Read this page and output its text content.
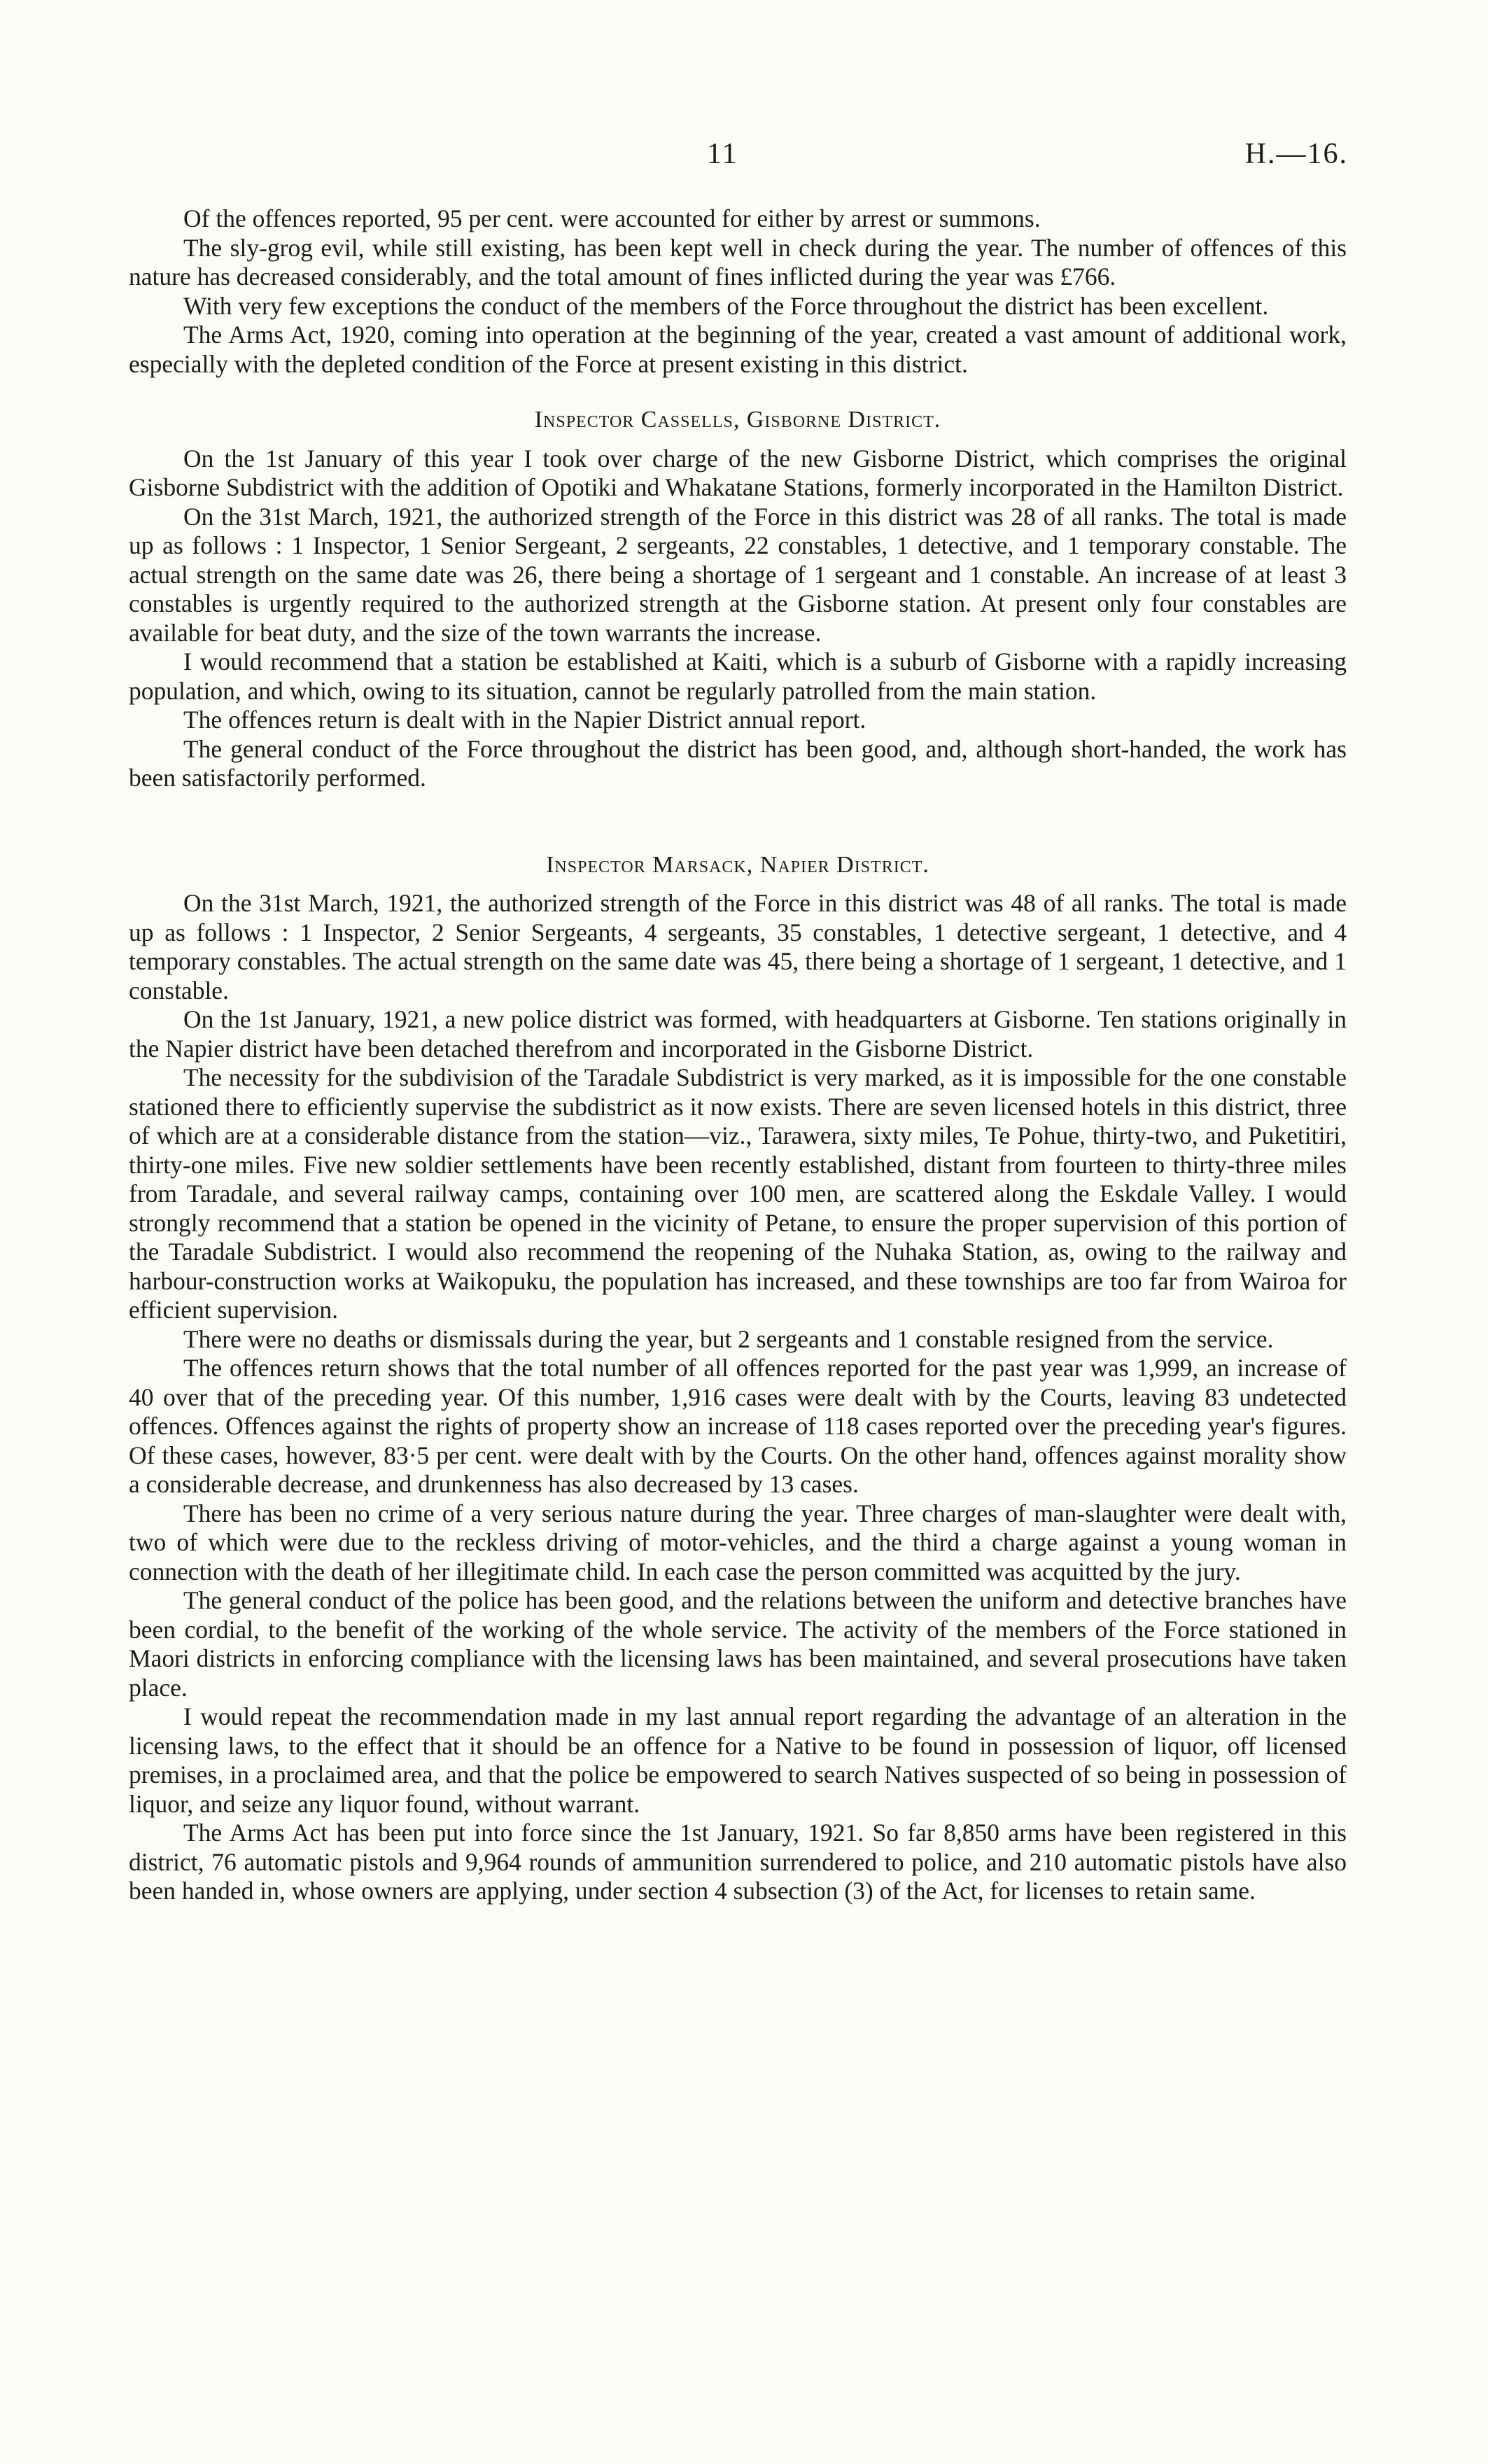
11	H.—16.

Of the offences reported, 95 per cent. were accounted for either by arrest or summons.

The sly-grog evil, while still existing, has been kept well in check during the year. The number of offences of this nature has decreased considerably, and the total amount of fines inflicted during the year was £766.

With very few exceptions the conduct of the members of the Force throughout the district has been excellent.

The Arms Act, 1920, coming into operation at the beginning of the year, created a vast amount of additional work, especially with the depleted condition of the Force at present existing in this district.

Inspector Cassells, Gisborne District.

On the 1st January of this year I took over charge of the new Gisborne District, which comprises the original Gisborne Subdistrict with the addition of Opotiki and Whakatane Stations, formerly incorporated in the Hamilton District.

On the 31st March, 1921, the authorized strength of the Force in this district was 28 of all ranks. The total is made up as follows : 1 Inspector, 1 Senior Sergeant, 2 sergeants, 22 constables, 1 detective, and 1 temporary constable. The actual strength on the same date was 26, there being a shortage of 1 sergeant and 1 constable. An increase of at least 3 constables is urgently required to the authorized strength at the Gisborne station. At present only four constables are available for beat duty, and the size of the town warrants the increase.

I would recommend that a station be established at Kaiti, which is a suburb of Gisborne with a rapidly increasing population, and which, owing to its situation, cannot be regularly patrolled from the main station.

The offences return is dealt with in the Napier District annual report.

The general conduct of the Force throughout the district has been good, and, although short-handed, the work has been satisfactorily performed.

Inspector Marsack, Napier District.

On the 31st March, 1921, the authorized strength of the Force in this district was 48 of all ranks. The total is made up as follows : 1 Inspector, 2 Senior Sergeants, 4 sergeants, 35 constables, 1 detective sergeant, 1 detective, and 4 temporary constables. The actual strength on the same date was 45, there being a shortage of 1 sergeant, 1 detective, and 1 constable.

On the 1st January, 1921, a new police district was formed, with headquarters at Gisborne. Ten stations originally in the Napier district have been detached therefrom and incorporated in the Gisborne District.

The necessity for the subdivision of the Taradale Subdistrict is very marked, as it is impossible for the one constable stationed there to efficiently supervise the subdistrict as it now exists. There are seven licensed hotels in this district, three of which are at a considerable distance from the station—viz., Tarawera, sixty miles, Te Pohue, thirty-two, and Puketitiri, thirty-one miles. Five new soldier settlements have been recently established, distant from fourteen to thirty-three miles from Taradale, and several railway camps, containing over 100 men, are scattered along the Eskdale Valley. I would strongly recommend that a station be opened in the vicinity of Petane, to ensure the proper supervision of this portion of the Taradale Subdistrict. I would also recommend the reopening of the Nuhaka Station, as, owing to the railway and harbour-construction works at Waikopuku, the population has increased, and these townships are too far from Wairoa for efficient supervision.

There were no deaths or dismissals during the year, but 2 sergeants and 1 constable resigned from the service.

The offences return shows that the total number of all offences reported for the past year was 1,999, an increase of 40 over that of the preceding year. Of this number, 1,916 cases were dealt with by the Courts, leaving 83 undetected offences. Offences against the rights of property show an increase of 118 cases reported over the preceding year's figures. Of these cases, however, 83·5 per cent. were dealt with by the Courts. On the other hand, offences against morality show a considerable decrease, and drunkenness has also decreased by 13 cases.

There has been no crime of a very serious nature during the year. Three charges of man-slaughter were dealt with, two of which were due to the reckless driving of motor-vehicles, and the third a charge against a young woman in connection with the death of her illegitimate child. In each case the person committed was acquitted by the jury.

The general conduct of the police has been good, and the relations between the uniform and detective branches have been cordial, to the benefit of the working of the whole service. The activity of the members of the Force stationed in Maori districts in enforcing compliance with the licensing laws has been maintained, and several prosecutions have taken place.

I would repeat the recommendation made in my last annual report regarding the advantage of an alteration in the licensing laws, to the effect that it should be an offence for a Native to be found in possession of liquor, off licensed premises, in a proclaimed area, and that the police be empowered to search Natives suspected of so being in possession of liquor, and seize any liquor found, without warrant.

The Arms Act has been put into force since the 1st January, 1921. So far 8,850 arms have been registered in this district, 76 automatic pistols and 9,964 rounds of ammunition surrendered to police, and 210 automatic pistols have also been handed in, whose owners are applying, under section 4 subsection (3) of the Act, for licenses to retain same.
